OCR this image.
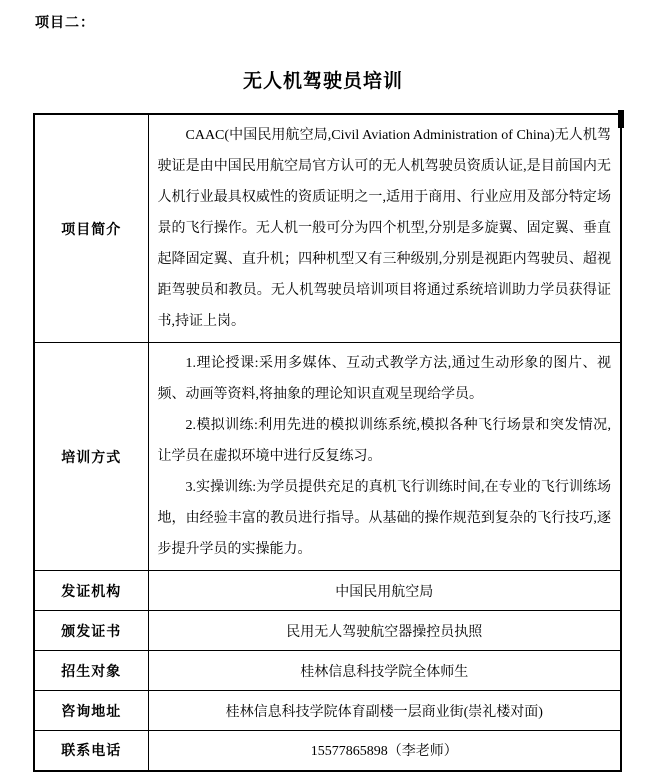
项目二：
无人机驾驶员培训
项目简介	CAAC(中国民用航空局,Civil Aviation Administration of China)无人机驾驶证是由中国民用航空局官方认可的无人机驾驶员资质认证,是目前国内无人机行业最具权威性的资质证明之一,适用于商用、行业应用及部分特定场景的飞行操作。无人机一般可分为四个机型,分别是多旋翼、固定翼、垂直起降固定翼、直升机；四种机型又有三种级别,分别是视距内驾驶员、超视距驾驶员和教员。无人机驾驶员培训项目将通过系统培训助力学员获得证书,持证上岗。

培训方式	1.理论授课:采用多媒体、互动式教学方法,通过生动形象的图片、视频、动画等资料,将抽象的理论知识直观呈现给学员。

2.模拟训练:利用先进的模拟训练系统,模拟各种飞行场景和突发情况,让学员在虚拟环境中进行反复练习。

3.实操训练:为学员提供充足的真机飞行训练时间,在专业的飞行训练场地，由经验丰富的教员进行指导。从基础的操作规范到复杂的飞行技巧,逐步提升学员的实操能力。

发证机构	中国民用航空局
颁发证书	民用无人驾驶航空器操控员执照
招生对象	桂林信息科技学院全体师生
咨询地址	桂林信息科技学院体育副楼一层商业街(崇礼楼对面)
联系电话	15577865898（李老师）
